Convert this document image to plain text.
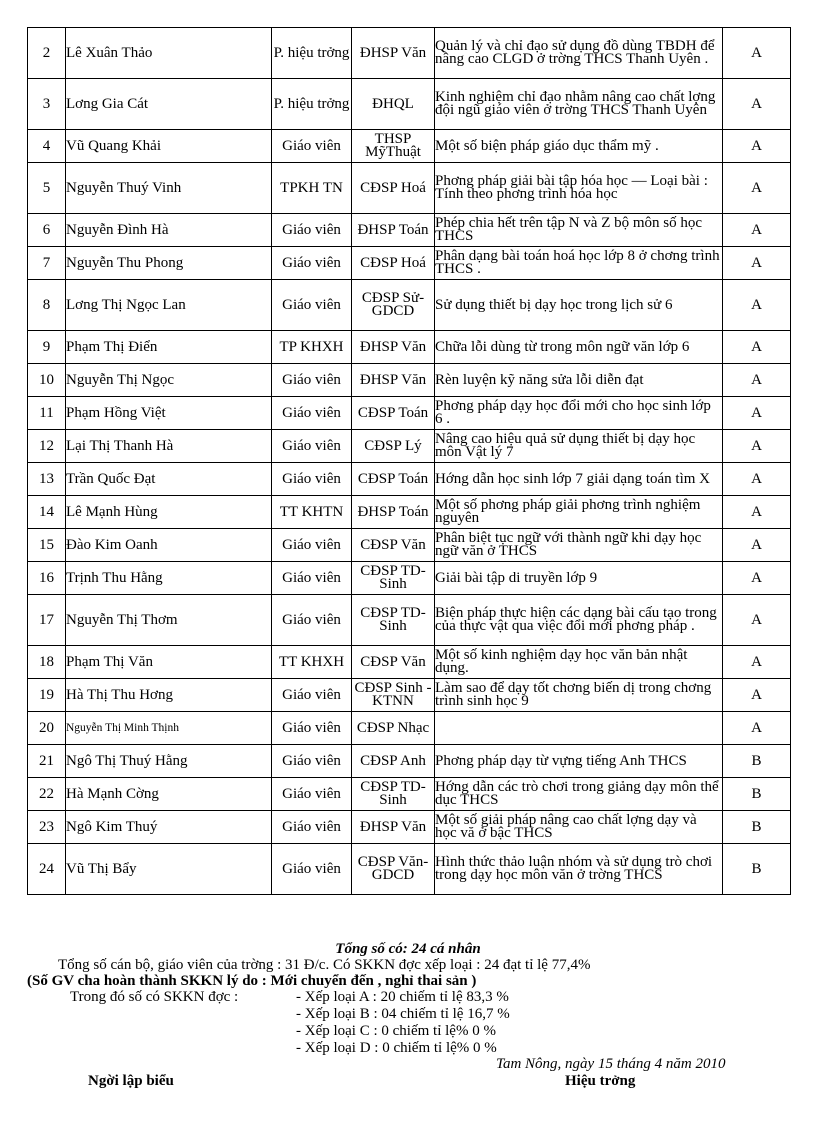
2	Lê Xuân Thảo	P. hiệu trởng	ĐHSP Văn	Quản lý và chỉ đạo sử dụng đồ dùng TBDH để nâng cao CLGD ở trờng THCS Thanh Uyên .	A
3	Lơng Gia Cát	P. hiệu trởng	ĐHQL	Kinh nghiệm chỉ đạo nhằm nâng cao chất lợng đội ngũ giáo viên ở trờng THCS Thanh Uyên	A
4	Vũ Quang Khải	Giáo viên	THSP MỹThuật	Một số biện pháp giáo dục thẩm mỹ .	A
5	Nguyễn Thuý Vinh	TPKH TN	CĐSP Hoá	Phơng pháp giải bài tập hóa học — Loại bài : Tính theo phơng trình hóa học	A
6	Nguyễn Đình Hà	Giáo viên	ĐHSP Toán	Phép chia hết trên tập N và Z bộ môn số học THCS	A
7	Nguyễn Thu Phong	Giáo viên	CĐSP Hoá	Phân dạng bài toán hoá học lớp 8 ở chơng trình THCS .	A
8	Lơng Thị Ngọc Lan	Giáo viên	CĐSP Sử-GDCD	Sử dụng thiết bị dạy học trong lịch sử 6	A
9	Phạm Thị Điển	TP KHXH	ĐHSP Văn	Chữa lỗi dùng từ trong môn ngữ văn lớp 6	A
10	Nguyễn Thị Ngọc	Giáo viên	ĐHSP Văn	Rèn luyện kỹ năng sửa lỗi diễn đạt	A
11	Phạm Hồng Việt	Giáo viên	CĐSP Toán	Phơng pháp dạy học đổi mới cho học sinh lớp 6 .	A
12	Lại Thị Thanh Hà	Giáo viên	CĐSP Lý	Nâng cao hiệu quả sử dụng thiết bị dạy học môn Vật lý 7	A
13	Trần Quốc Đạt	Giáo viên	CĐSP Toán	Hớng dẫn học sinh lớp 7 giải dạng toán tìm X	A
14	Lê Mạnh Hùng	TT KHTN	ĐHSP Toán	Một số phơng pháp giải phơng trình nghiệm nguyên	A
15	Đào Kim Oanh	Giáo viên	CĐSP Văn	Phân biệt tục ngữ với thành ngữ khi dạy học ngữ văn ở THCS	A
16	Trịnh Thu Hằng	Giáo viên	CĐSP TD-Sinh	Giải bài tập di truyền lớp 9	A
17	Nguyễn Thị Thơm	Giáo viên	CĐSP TD-Sinh	Biện pháp thực hiện các dạng bài cấu tạo trong của thực vật qua việc đổi mới phơng pháp .	A
18	Phạm Thị Văn	TT KHXH	CĐSP Văn	Một số kinh nghiệm dạy học văn bản nhật dụng.	A
19	Hà Thị Thu Hơng	Giáo viên	CĐSP Sinh - KTNN	Làm sao để dạy tốt chơng biến dị trong chơng trình sinh học 9	A
20	Nguyễn Thị Minh Thịnh	Giáo viên	CĐSP Nhạc		A
21	Ngô Thị Thuý Hằng	Giáo viên	CĐSP Anh	Phơng pháp dạy từ vựng tiếng Anh THCS	B
22	Hà Mạnh Cờng	Giáo viên	CĐSP TD-Sinh	Hớng dẫn các trò chơi trong giảng dạy môn thể dục THCS	B
23	Ngô Kim Thuý	Giáo viên	ĐHSP Văn	Một số giải pháp nâng cao chất lợng dạy và học vă ở bậc THCS	B
24	Vũ Thị Bẩy	Giáo viên	CĐSP Văn-GDCD	Hình thức thảo luận nhóm và sử dụng trò chơi trong dạy học môn văn ở trờng THCS	B
Tổng số có: 24 cá nhân
Tổng số cán bộ, giáo viên của trờng : 31 Đ/c. Có SKKN đợc xếp loại : 24 đạt tỉ lệ 77,4%
(Số GV cha hoàn thành SKKN lý do : Mới chuyển đến , nghỉ thai sản )
Trong đó số có SKKN đợc :	- Xếp loại A : 20 chiếm tỉ lệ 83,3 %
- Xếp loại B : 04 chiếm tỉ lệ 16,7 %
- Xếp loại C : 0 chiếm tỉ lệ% 0 %
- Xếp loại D : 0 chiếm tỉ lệ% 0 %
Tam Nông, ngày 15 tháng 4 năm 2010
Ngời lập biểu	Hiệu trởng
